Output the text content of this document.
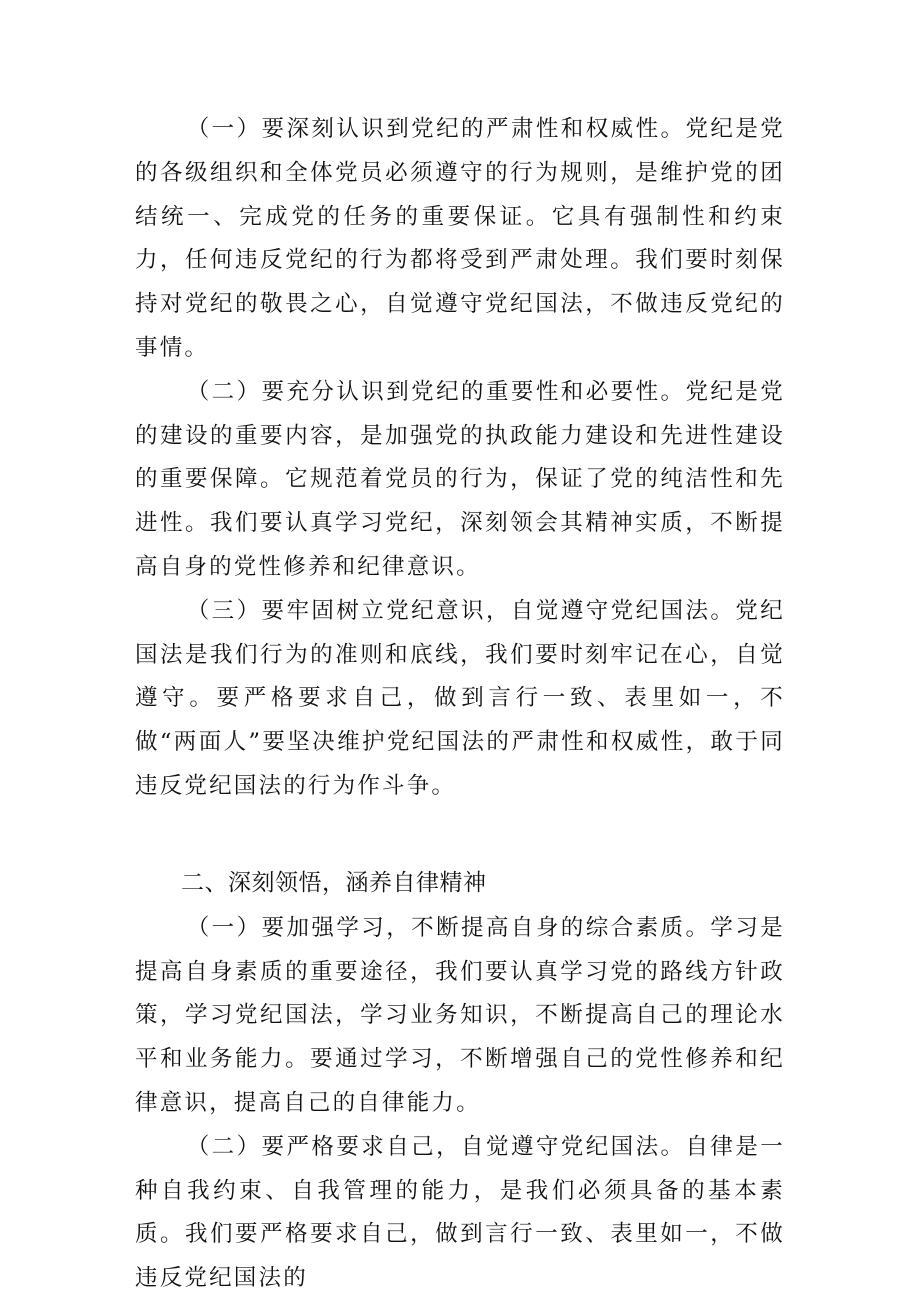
（一）要深刻认识到党纪的严肃性和权威性。党纪是党的各级组织和全体党员必须遵守的行为规则，是维护党的团结统一、完成党的任务的重要保证。它具有强制性和约束力，任何违反党纪的行为都将受到严肃处理。我们要时刻保持对党纪的敬畏之心，自觉遵守党纪国法，不做违反党纪的事情。

（二）要充分认识到党纪的重要性和必要性。党纪是党的建设的重要内容，是加强党的执政能力建设和先进性建设的重要保障。它规范着党员的行为，保证了党的纯洁性和先进性。我们要认真学习党纪，深刻领会其精神实质，不断提高自身的党性修养和纪律意识。

（三）要牢固树立党纪意识，自觉遵守党纪国法。党纪国法是我们行为的准则和底线，我们要时刻牢记在心，自觉遵守。要严格要求自己，做到言行一致、表里如一，不做“两面人”要坚决维护党纪国法的严肃性和权威性，敢于同违反党纪国法的行为作斗争。

二、深刻领悟，涵养自律精神

（一）要加强学习，不断提高自身的综合素质。学习是提高自身素质的重要途径，我们要认真学习党的路线方针政策，学习党纪国法，学习业务知识，不断提高自己的理论水平和业务能力。要通过学习，不断增强自己的党性修养和纪律意识，提高自己的自律能力。

（二）要严格要求自己，自觉遵守党纪国法。自律是一种自我约束、自我管理的能力，是我们必须具备的基本素质。我们要严格要求自己，做到言行一致、表里如一，不做违反党纪国法的
